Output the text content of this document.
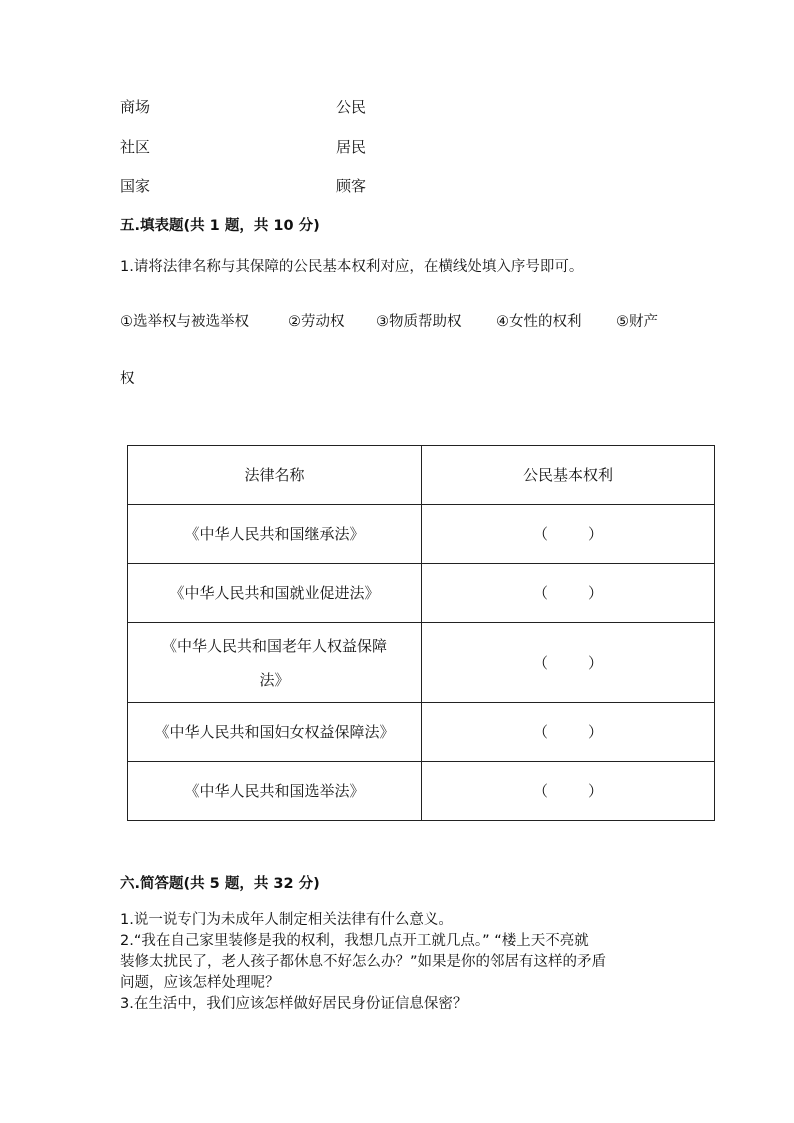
商场	公民
社区	居民
国家	顾客
五.填表题(共 1 题，共 10 分)
1.请将法律名称与其保障的公民基本权利对应，在横线处填入序号即可。
①选举权与被选举权	②劳动权 ③物质帮助权 ④女性的权利 ⑤财产
权
法律名称	公民基本权利
《中华人民共和国继承法》	（ ）

《中华人民共和国就业促进法》	（ ）

《中华人民共和国老年人权益保障
法》	（ ）

《中华人民共和国妇女权益保障法》	（ ）

《中华人民共和国选举法》	（ ）
六.简答题(共 5 题，共 32 分)
1.说一说专门为未成年人制定相关法律有什么意义。
2.“我在自己家里装修是我的权利，我想几点开工就几点。” “楼上天不亮就
装修太扰民了，老人孩子都休息不好怎么办？”如果是你的邻居有这样的矛盾
问题，应该怎样处理呢？
3.在生活中，我们应该怎样做好居民身份证信息保密？
